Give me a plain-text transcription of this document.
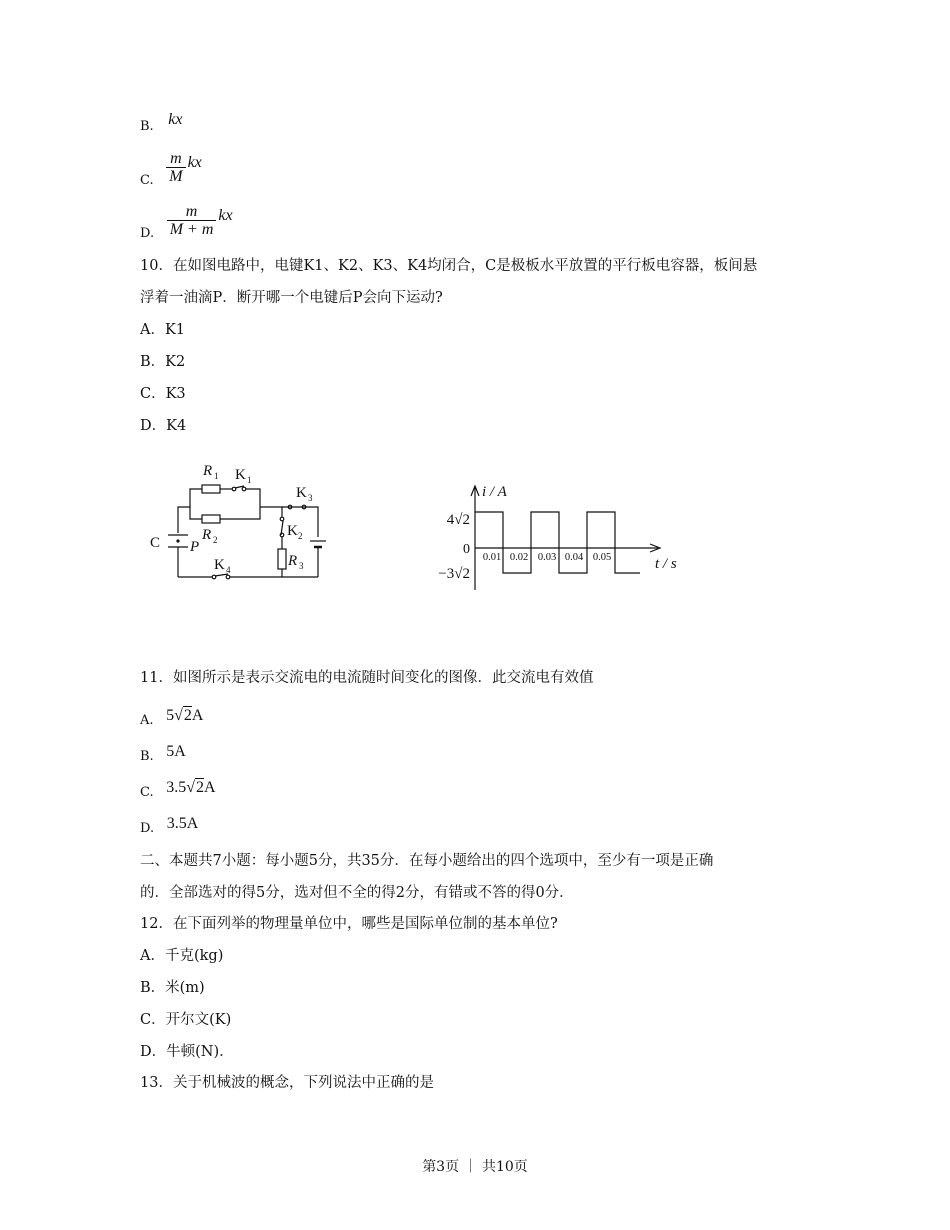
B. kx
C. $\frac{m}{M}$ kx
D. $\frac{m}{M + m}$ kx
10．在如图电路中，电键K1、K2、K3、K4均闭合，C是极板水平放置的平行板电容器，板间悬
浮着一油滴P．断开哪一个电键后P会向下运动?
A．K1
B．K2
C．K3
D．K4
R 1 K 1
R 2
K 3
K 2
R 3
K 4
C P
i / A
t / s
4√2
0
−3√2
0.01 0.02 0.03 0.04 0.05
11．如图所示是表示交流电的电流随时间变化的图像．此交流电有效值
A. 5√2A
B. 5A
C. 3.5√2A
D. 3.5A
二、本题共7小题：每小题5分，共35分．在每小题给出的四个选项中，至少有一项是正确
的．全部选对的得5分，选对但不全的得2分，有错或不答的得0分．
12．在下面列举的物理量单位中，哪些是国际单位制的基本单位?
A．千克(kg)
B．米(m)
C．开尔文(K)
D．牛顿(N)．
13．关于机械波的概念，下列说法中正确的是
第3页 ｜ 共10页
